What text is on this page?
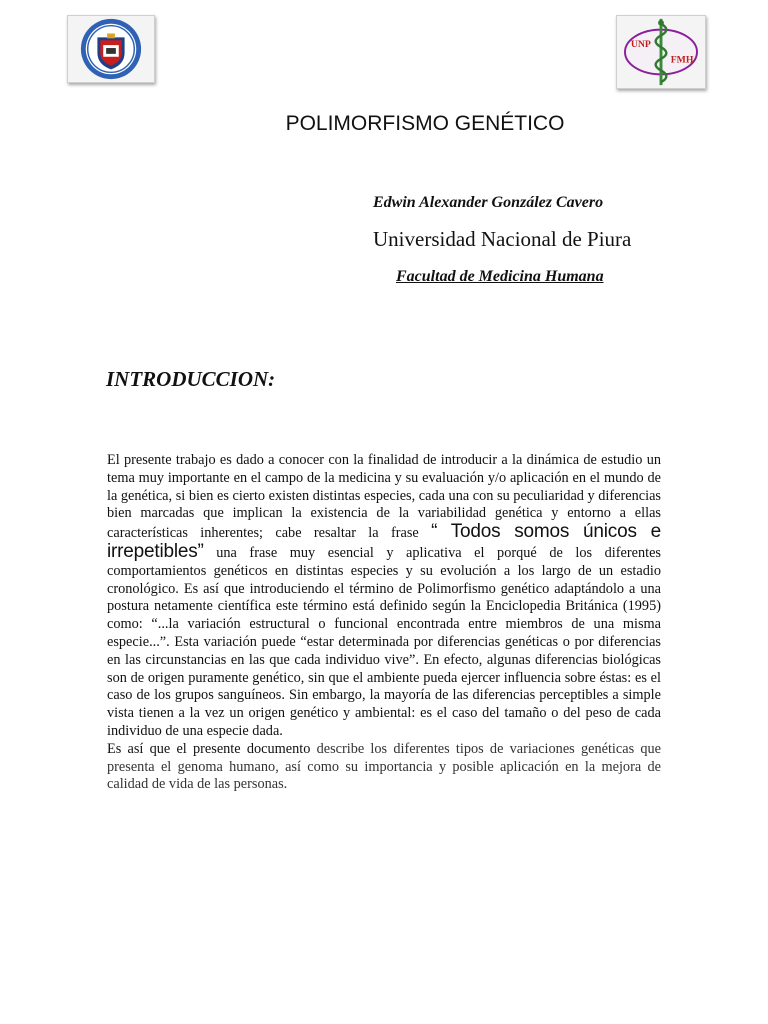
UNP
FMH
POLIMORFISMO GENÉTICO
Edwin Alexander González Cavero
Universidad Nacional de Piura
Facultad de Medicina Humana
INTRODUCCION:

El presente trabajo es dado a conocer con la finalidad de introducir a la dinámica de estudio un tema muy importante en el campo de la medicina y su evaluación y/o aplicación en el mundo de la genética, si bien es cierto existen distintas especies, cada una con su peculiaridad y diferencias bien marcadas que implican la existencia de la variabilidad genética y entorno a ellas características inherentes; cabe resaltar la frase “ Todos somos únicos e irrepetibles” una frase muy esencial y aplicativa el porqué de los diferentes comportamientos genéticos en distintas especies y su evolución a los largo de un estadio cronológico. Es así que introduciendo el término de Polimorfismo genético adaptándolo a una postura netamente científica este término está definido según la Enciclopedia Británica (1995) como: “...la variación estructural o funcional encontrada entre miembros de una misma especie...”. Esta variación puede “estar determinada por diferencias genéticas o por diferencias en las circunstancias en las que cada individuo vive”. En efecto, algunas diferencias biológicas son de origen puramente genético, sin que el ambiente pueda ejercer influencia sobre éstas: es el caso de los grupos sanguíneos. Sin embargo, la mayoría de las diferencias perceptibles a simple vista tienen a la vez un origen genético y ambiental: es el caso del tamaño o del peso de cada individuo de una especie dada.

Es así que el presente documento describe los diferentes tipos de variaciones genéticas que presenta el genoma humano, así como su importancia y posible aplicación en la mejora de calidad de vida de las personas.
